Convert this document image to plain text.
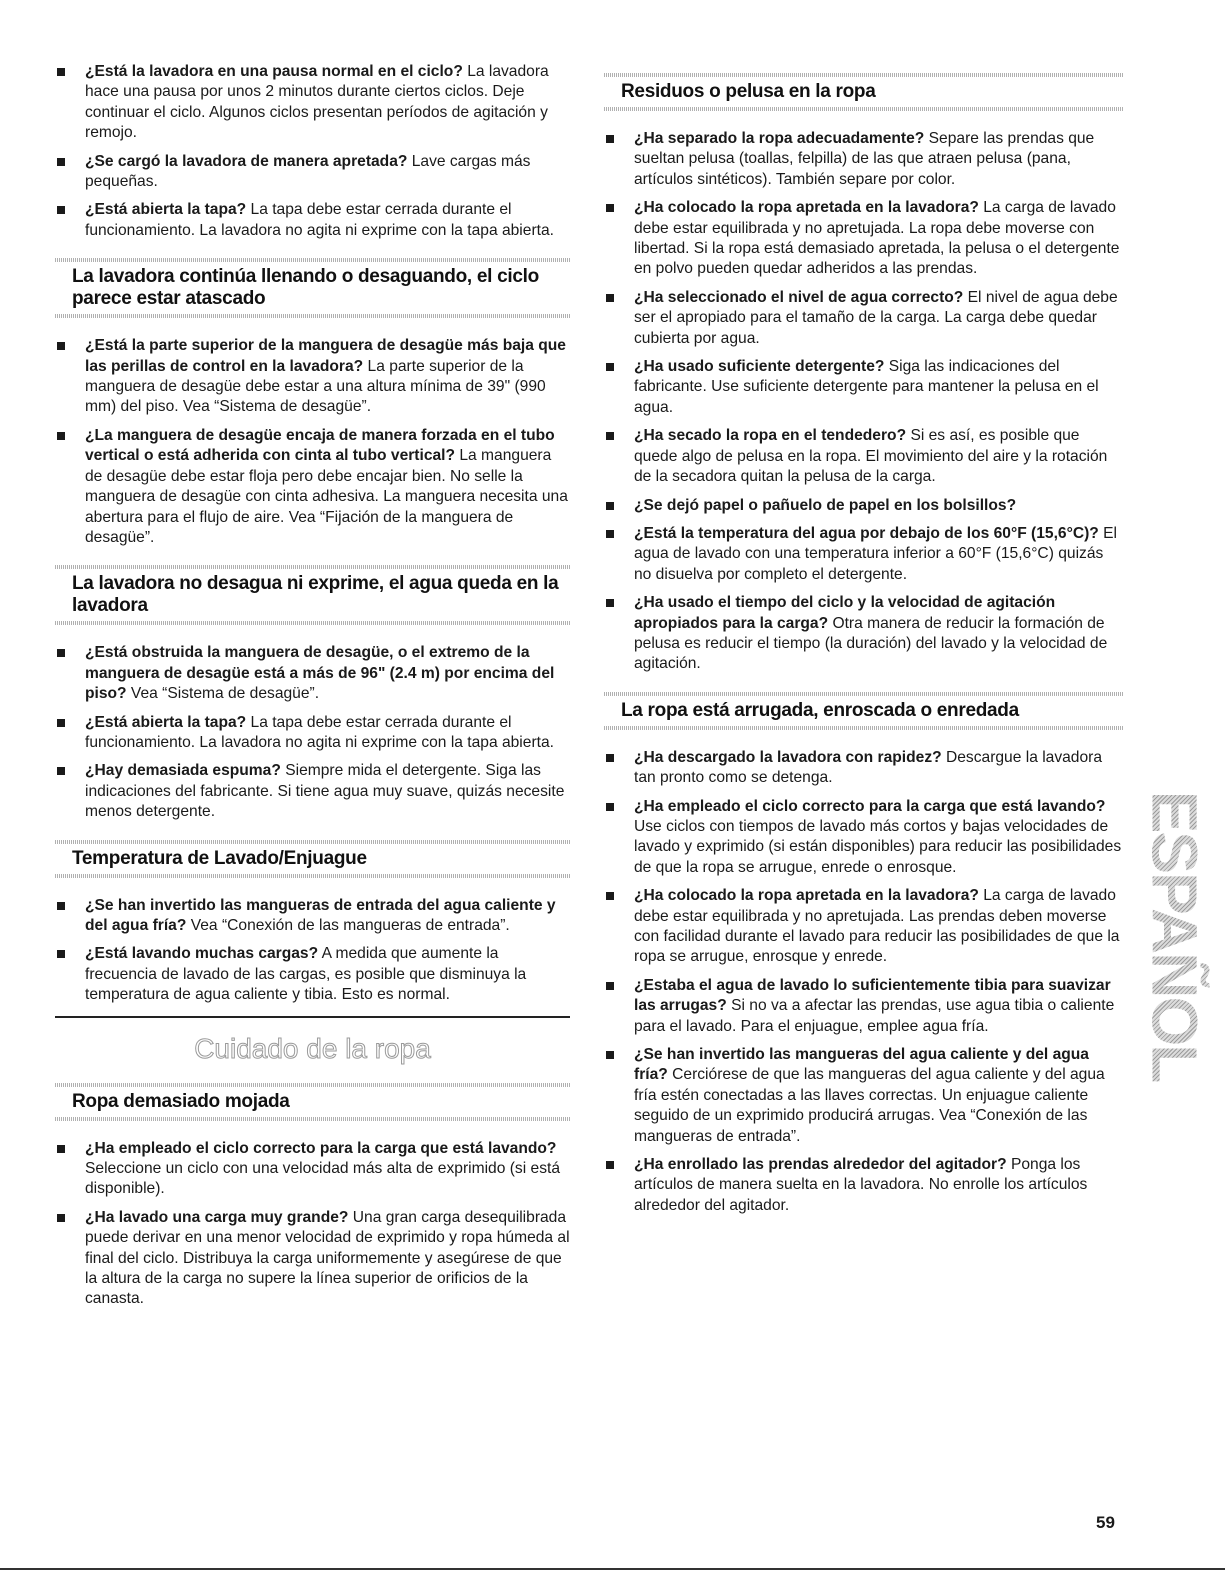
¿Está la lavadora en una pausa normal en el ciclo? La lavadora hace una pausa por unos 2 minutos durante ciertos ciclos. Deje continuar el ciclo. Algunos ciclos presentan períodos de agitación y remojo.
¿Se cargó la lavadora de manera apretada? Lave cargas más pequeñas.
¿Está abierta la tapa? La tapa debe estar cerrada durante el funcionamiento. La lavadora no agita ni exprime con la tapa abierta.
La lavadora continúa llenando o desaguando, el ciclo parece estar atascado
¿Está la parte superior de la manguera de desagüe más baja que las perillas de control en la lavadora? La parte superior de la manguera de desagüe debe estar a una altura mínima de 39" (990 mm) del piso. Vea “Sistema de desagüe”.
¿La manguera de desagüe encaja de manera forzada en el tubo vertical o está adherida con cinta al tubo vertical? La manguera de desagüe debe estar floja pero debe encajar bien. No selle la manguera de desagüe con cinta adhesiva. La manguera necesita una abertura para el flujo de aire. Vea “Fijación de la manguera de desagüe”.
La lavadora no desagua ni exprime, el agua queda en la lavadora
¿Está obstruida la manguera de desagüe, o el extremo de la manguera de desagüe está a más de 96" (2.4 m) por encima del piso? Vea “Sistema de desagüe”.
¿Está abierta la tapa? La tapa debe estar cerrada durante el funcionamiento. La lavadora no agita ni exprime con la tapa abierta.
¿Hay demasiada espuma? Siempre mida el detergente. Siga las indicaciones del fabricante. Si tiene agua muy suave, quizás necesite menos detergente.
Temperatura de Lavado/Enjuague
¿Se han invertido las mangueras de entrada del agua caliente y del agua fría? Vea “Conexión de las mangueras de entrada”.
¿Está lavando muchas cargas? A medida que aumente la frecuencia de lavado de las cargas, es posible que disminuya la temperatura de agua caliente y tibia. Esto es normal.
Cuidado de la ropa
Ropa demasiado mojada
¿Ha empleado el ciclo correcto para la carga que está lavando? Seleccione un ciclo con una velocidad más alta de exprimido (si está disponible).
¿Ha lavado una carga muy grande? Una gran carga desequilibrada puede derivar en una menor velocidad de exprimido y ropa húmeda al final del ciclo. Distribuya la carga uniformemente y asegúrese de que la altura de la carga no supere la línea superior de orificios de la canasta.
Residuos o pelusa en la ropa
¿Ha separado la ropa adecuadamente? Separe las prendas que sueltan pelusa (toallas, felpilla) de las que atraen pelusa (pana, artículos sintéticos). También separe por color.
¿Ha colocado la ropa apretada en la lavadora? La carga de lavado debe estar equilibrada y no apretujada. La ropa debe moverse con libertad. Si la ropa está demasiado apretada, la pelusa o el detergente en polvo pueden quedar adheridos a las prendas.
¿Ha seleccionado el nivel de agua correcto? El nivel de agua debe ser el apropiado para el tamaño de la carga. La carga debe quedar cubierta por agua.
¿Ha usado suficiente detergente? Siga las indicaciones del fabricante. Use suficiente detergente para mantener la pelusa en el agua.
¿Ha secado la ropa en el tendedero? Si es así, es posible que quede algo de pelusa en la ropa. El movimiento del aire y la rotación de la secadora quitan la pelusa de la carga.
¿Se dejó papel o pañuelo de papel en los bolsillos?
¿Está la temperatura del agua por debajo de los 60°F (15,6°C)? El agua de lavado con una temperatura inferior a 60°F (15,6°C) quizás no disuelva por completo el detergente.
¿Ha usado el tiempo del ciclo y la velocidad de agitación apropiados para la carga? Otra manera de reducir la formación de pelusa es reducir el tiempo (la duración) del lavado y la velocidad de agitación.
La ropa está arrugada, enroscada o enredada
¿Ha descargado la lavadora con rapidez? Descargue la lavadora tan pronto como se detenga.
¿Ha empleado el ciclo correcto para la carga que está lavando? Use ciclos con tiempos de lavado más cortos y bajas velocidades de lavado y exprimido (si están disponibles) para reducir las posibilidades de que la ropa se arrugue, enrede o enrosque.
¿Ha colocado la ropa apretada en la lavadora? La carga de lavado debe estar equilibrada y no apretujada. Las prendas deben moverse con facilidad durante el lavado para reducir las posibilidades de que la ropa se arrugue, enrosque y enrede.
¿Estaba el agua de lavado lo suficientemente tibia para suavizar las arrugas? Si no va a afectar las prendas, use agua tibia o caliente para el lavado. Para el enjuague, emplee agua fría.
¿Se han invertido las mangueras del agua caliente y del agua fría? Cerciórese de que las mangueras del agua caliente y del agua fría estén conectadas a las llaves correctas. Un enjuague caliente seguido de un exprimido producirá arrugas. Vea “Conexión de las mangueras de entrada”.
¿Ha enrollado las prendas alrededor del agitador? Ponga los artículos de manera suelta en la lavadora. No enrolle los artículos alrededor del agitador.
ESPAÑOL
59
